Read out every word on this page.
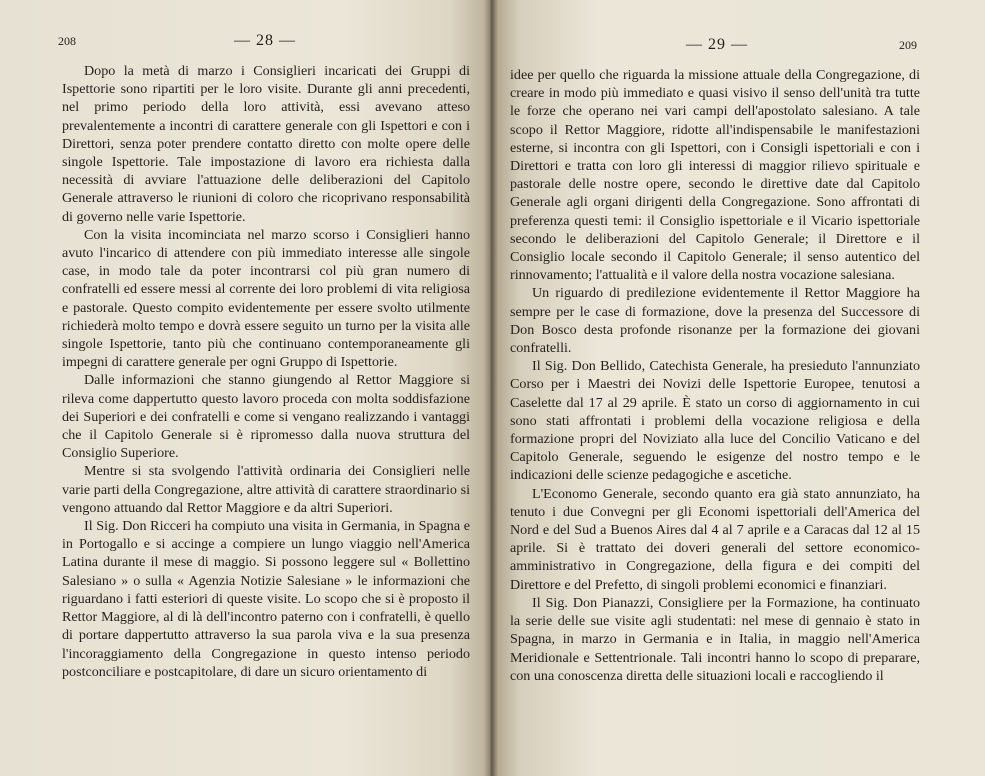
208	— 28 —

Dopo la metà di marzo i Consiglieri incaricati dei Gruppi di Ispettorie sono ripartiti per le loro visite. Durante gli anni precedenti, nel primo periodo della loro attività, essi avevano atteso prevalentemente a incontri di carattere generale con gli Ispettori e con i Direttori, senza poter prendere contatto diretto con molte opere delle singole Ispettorie. Tale impostazione di lavoro era richiesta dalla necessità di avviare l'attuazione delle deliberazioni del Capitolo Generale attraverso le riunioni di coloro che ricoprivano responsabilità di governo nelle varie Ispettorie.

Con la visita incominciata nel marzo scorso i Consiglieri hanno avuto l'incarico di attendere con più immediato interesse alle singole case, in modo tale da poter incontrarsi col più gran numero di confratelli ed essere messi al corrente dei loro problemi di vita religiosa e pastorale. Questo compito evidentemente per essere svolto utilmente richiederà molto tempo e dovrà essere seguito un turno per la visita alle singole Ispettorie, tanto più che continuano contemporaneamente gli impegni di carattere generale per ogni Gruppo di Ispettorie.

Dalle informazioni che stanno giungendo al Rettor Maggiore si rileva come dappertutto questo lavoro proceda con molta soddisfazione dei Superiori e dei confratelli e come si vengano realizzando i vantaggi che il Capitolo Generale si è ripromesso dalla nuova struttura del Consiglio Superiore.

Mentre si sta svolgendo l'attività ordinaria dei Consiglieri nelle varie parti della Congregazione, altre attività di carattere straordinario si vengono attuando dal Rettor Maggiore e da altri Superiori.

Il Sig. Don Ricceri ha compiuto una visita in Germania, in Spagna e in Portogallo e si accinge a compiere un lungo viaggio nell'America Latina durante il mese di maggio. Si possono leggere sul « Bollettino Salesiano » o sulla « Agenzia Notizie Salesiane » le informazioni che riguardano i fatti esteriori di queste visite. Lo scopo che si è proposto il Rettor Maggiore, al di là dell'incontro paterno con i confratelli, è quello di portare dappertutto attraverso la sua parola viva e la sua presenza l'incoraggiamento della Congregazione in questo intenso periodo postconciliare e postcapitolare, di dare un sicuro orientamento di

— 29 —	209

idee per quello che riguarda la missione attuale della Congregazione, di creare in modo più immediato e quasi visivo il senso dell'unità tra tutte le forze che operano nei vari campi dell'apostolato salesiano. A tale scopo il Rettor Maggiore, ridotte all'indispensabile le manifestazioni esterne, si incontra con gli Ispettori, con i Consigli ispettoriali e con i Direttori e tratta con loro gli interessi di maggior rilievo spirituale e pastorale delle nostre opere, secondo le direttive date dal Capitolo Generale agli organi dirigenti della Congregazione. Sono affrontati di preferenza questi temi: il Consiglio ispettoriale e il Vicario ispettoriale secondo le deliberazioni del Capitolo Generale; il Direttore e il Consiglio locale secondo il Capitolo Generale; il senso autentico del rinnovamento; l'attualità e il valore della nostra vocazione salesiana.

Un riguardo di predilezione evidentemente il Rettor Maggiore ha sempre per le case di formazione, dove la presenza del Successore di Don Bosco desta profonde risonanze per la formazione dei giovani confratelli.

Il Sig. Don Bellido, Catechista Generale, ha presieduto l'annunziato Corso per i Maestri dei Novizi delle Ispettorie Europee, tenutosi a Caselette dal 17 al 29 aprile. È stato un corso di aggiornamento in cui sono stati affrontati i problemi della vocazione religiosa e della formazione propri del Noviziato alla luce del Concilio Vaticano e del Capitolo Generale, seguendo le esigenze del nostro tempo e le indicazioni delle scienze pedagogiche e ascetiche.

L'Economo Generale, secondo quanto era già stato annunziato, ha tenuto i due Convegni per gli Economi ispettoriali dell'America del Nord e del Sud a Buenos Aires dal 4 al 7 aprile e a Caracas dal 12 al 15 aprile. Si è trattato dei doveri generali del settore economico-amministrativo in Congregazione, della figura e dei compiti del Direttore e del Prefetto, di singoli problemi economici e finanziari.

Il Sig. Don Pianazzi, Consigliere per la Formazione, ha continuato la serie delle sue visite agli studentati: nel mese di gennaio è stato in Spagna, in marzo in Germania e in Italia, in maggio nell'America Meridionale e Settentrionale. Tali incontri hanno lo scopo di preparare, con una conoscenza diretta delle situazioni locali e raccogliendo il
